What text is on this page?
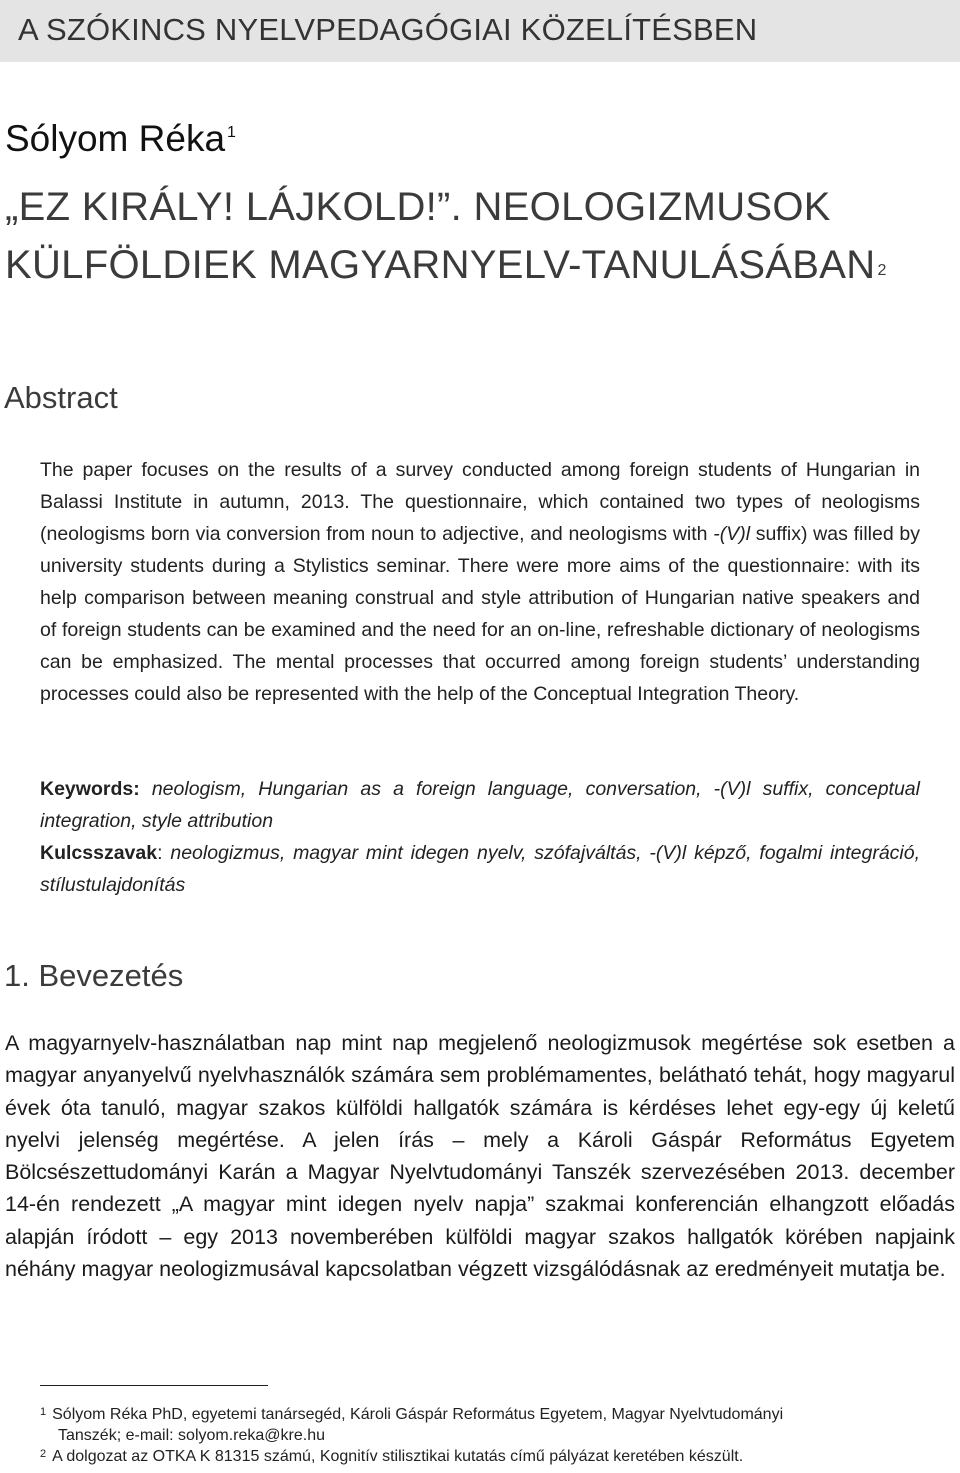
A SZÓKINCS NYELVPEDAGÓGIAI KÖZELÍTÉSBEN
Sólyom Réka $^1$
„EZ KIRÁLY! LÁJKOLD!”. NEOLOGIZMUSOK
KÜLFÖLDIEK MAGYARNYELV-TANULÁSÁBAN $^2$
Abstract
The paper focuses on the results of a survey conducted among foreign students of Hungarian in Balassi Institute in autumn, 2013. The questionnaire, which contained two types of neologisms (neologisms born via conversion from noun to adjective, and neologisms with -(V)l suffix) was filled by university students during a Stylistics seminar. There were more aims of the questionnaire: with its help comparison between meaning construal and style attribution of Hungarian native speakers and of foreign students can be examined and the need for an on-line, refreshable dictionary of neologisms can be emphasized. The mental processes that occurred among foreign students’ understanding processes could also be represented with the help of the Conceptual Integration Theory.

Keywords: neologism, Hungarian as a foreign language, conversation, -(V)l suffix, conceptual integration, style attribution

Kulcsszavak: neologizmus, magyar mint idegen nyelv, szófajváltás, -(V)l képző, fogalmi integráció, stílustulajdonítás

1. Bevezetés

A magyarnyelv-használatban nap mint nap megjelenő neologizmusok megértése sok esetben a magyar anyanyelvű nyelvhasználók számára sem problémamentes, belátható tehát, hogy magyarul évek óta tanuló, magyar szakos külföldi hallgatók számára is kérdéses lehet egy-egy új keletű nyelvi jelenség megértése. A jelen írás – mely a Károli Gáspár Református Egyetem Bölcsészettudományi Karán a Magyar Nyelvtudományi Tanszék szervezésében 2013. december 14-én rendezett „A magyar mint idegen nyelv napja” szakmai konferencián elhangzott előadás alapján íródott – egy 2013 novemberében külföldi magyar szakos hallgatók körében napjaink néhány magyar neologizmusával kapcsolatban végzett vizsgálódásnak az eredményeit mutatja be.

$^1$ Sólyom Réka PhD, egyetemi tanársegéd, Károli Gáspár Református Egyetem, Magyar Nyelvtudományi

Tanszék; e-mail: solyom.reka@kre.hu

$^2$ A dolgozat az OTKA K 81315 számú, Kognitív stilisztikai kutatás című pályázat keretében készült.
